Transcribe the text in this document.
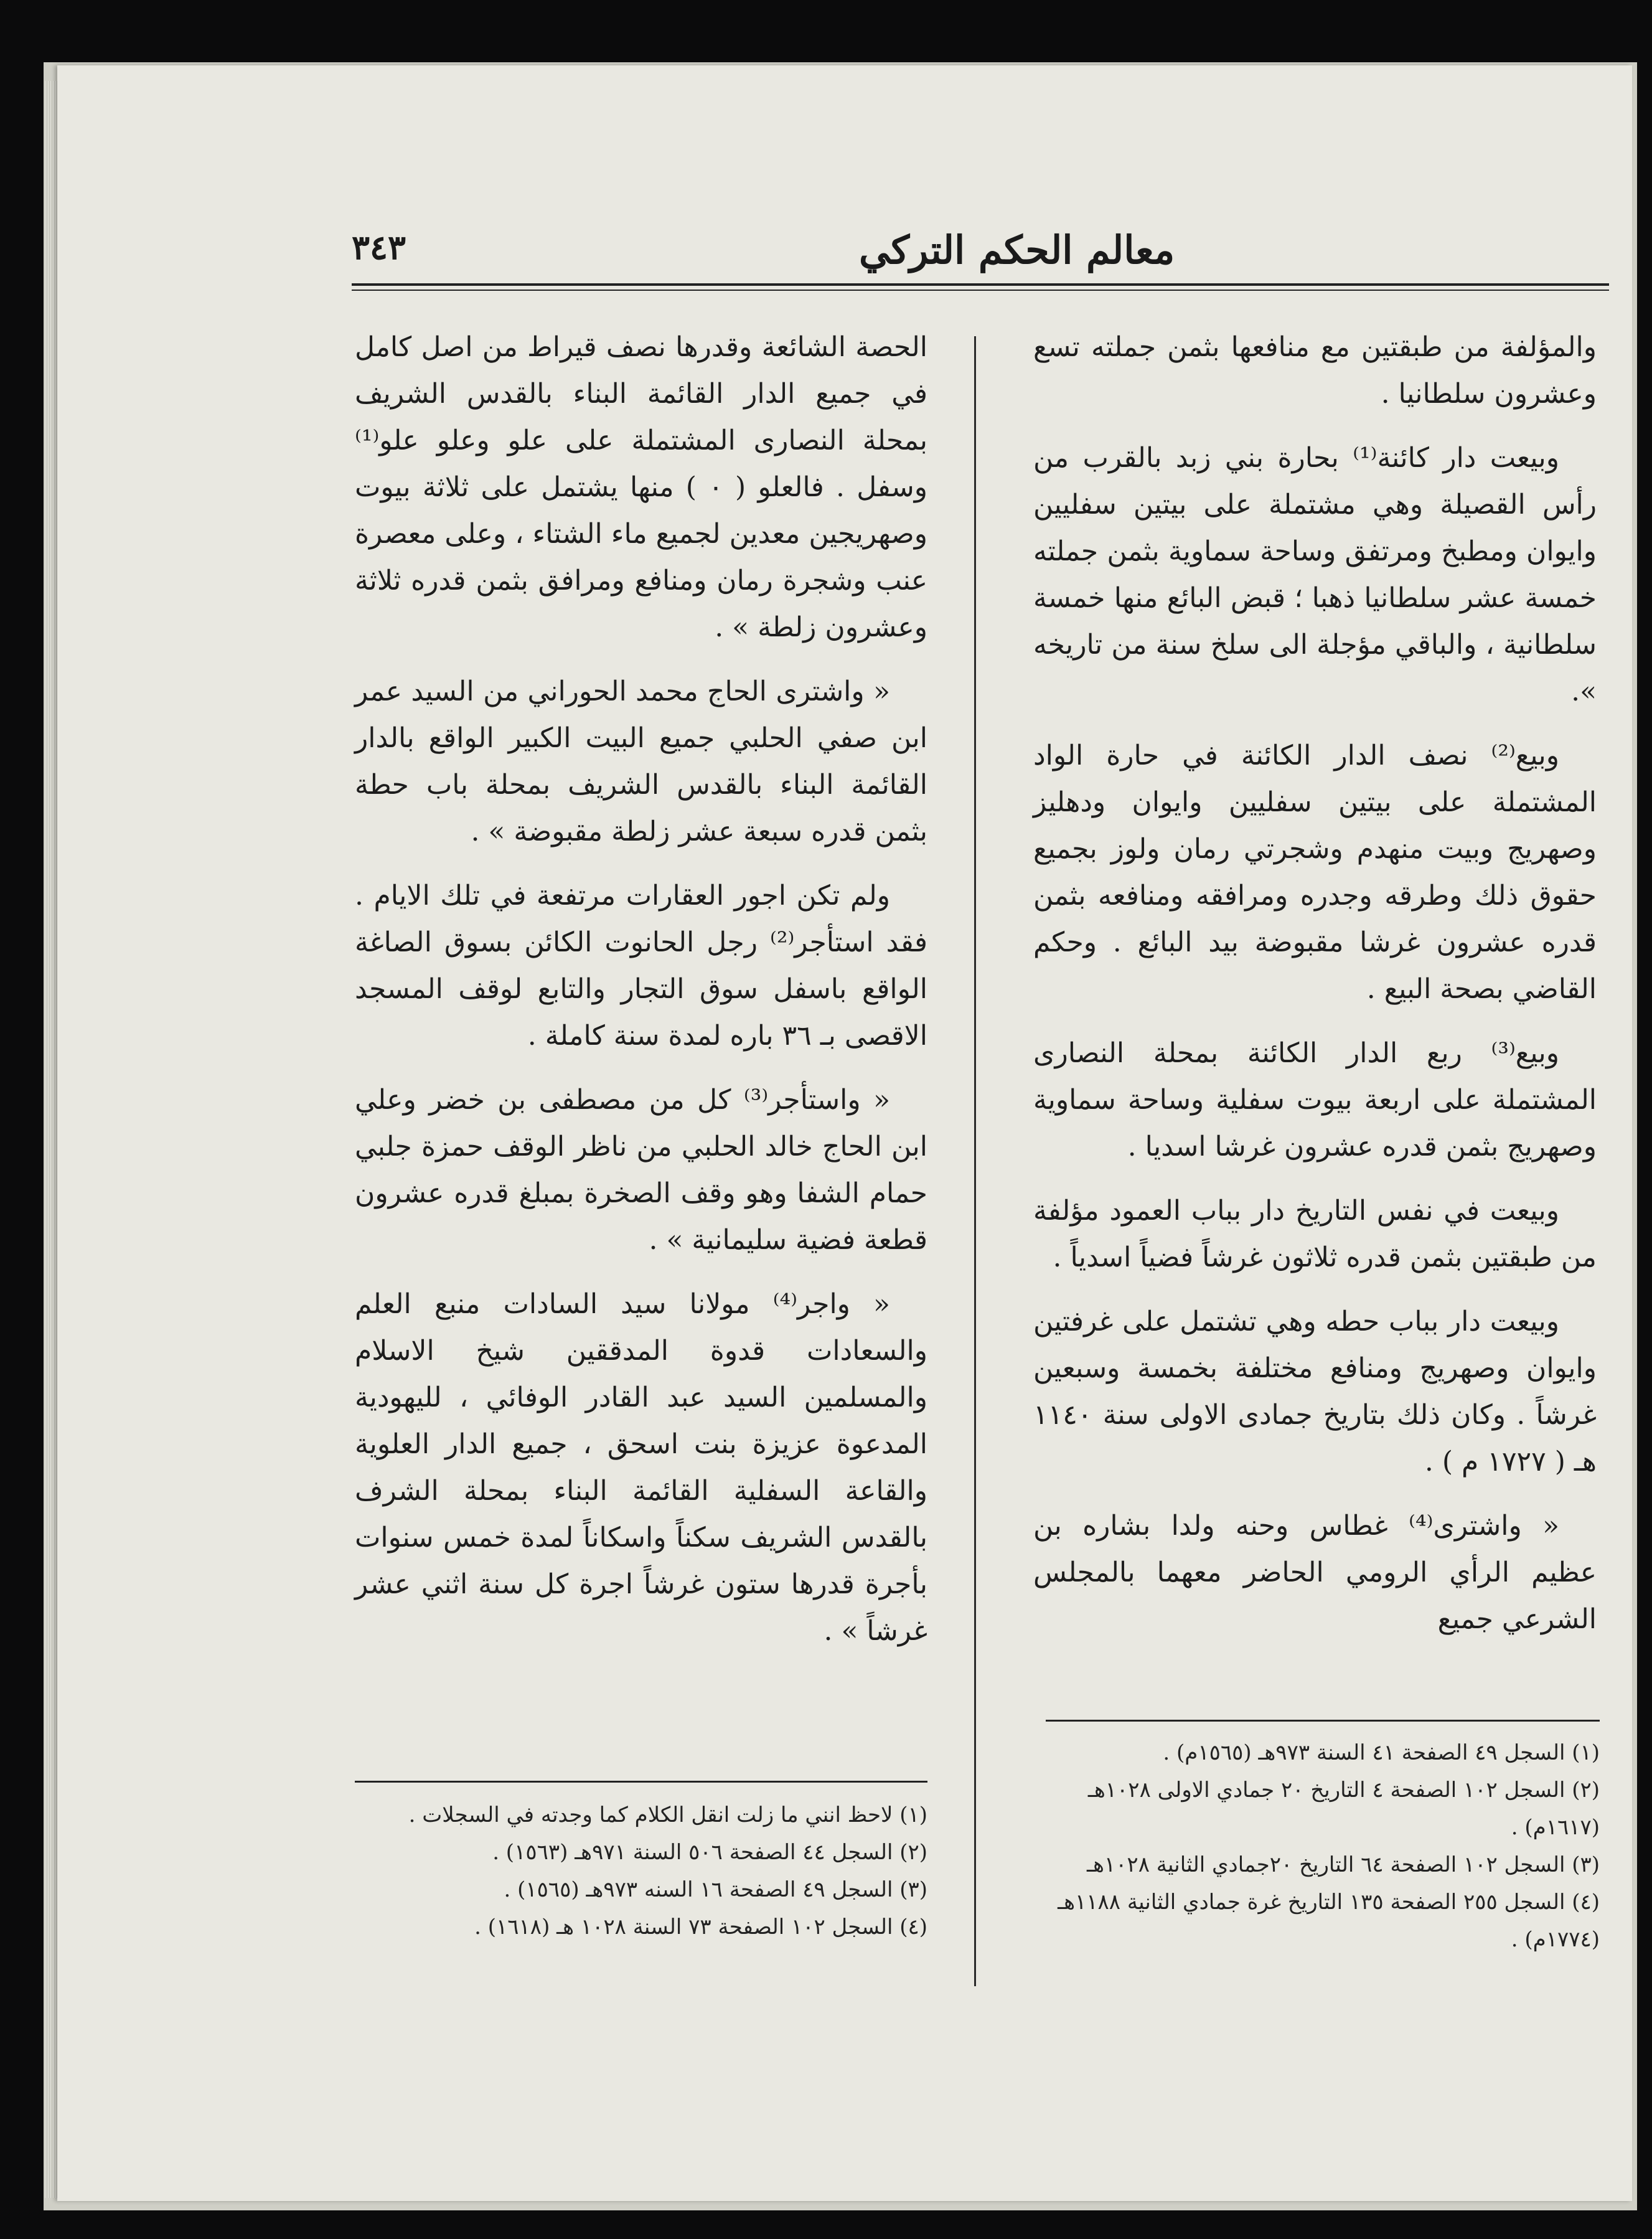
٣٤٣	معالم الحكم التركي

والمؤلفة من طبقتين مع منافعها بثمن جملته تسع وعشرون سلطانيا .

وبيعت دار كائنة⁽¹⁾ بحارة بني زبد بالقرب من رأس القصيلة وهي مشتملة على بيتين سفليين وايوان ومطبخ ومرتفق وساحة سماوية بثمن جملته خمسة عشر سلطانيا ذهبا ؛ قبض البائع منها خمسة سلطانية ، والباقي مؤجلة الى سلخ سنة من تاريخه ».

وبيع⁽²⁾ نصف الدار الكائنة في حارة الواد المشتملة على بيتين سفليين وايوان ودهليز وصهريج وبيت منهدم وشجرتي رمان ولوز بجميع حقوق ذلك وطرقه وجدره ومرافقه ومنافعه بثمن قدره عشرون غرشا مقبوضة بيد البائع . وحكم القاضي بصحة البيع .

وبيع⁽³⁾ ربع الدار الكائنة بمحلة النصارى المشتملة على اربعة بيوت سفلية وساحة سماوية وصهريج بثمن قدره عشرون غرشا اسديا .

وبيعت في نفس التاريخ دار بباب العمود مؤلفة من طبقتين بثمن قدره ثلاثون غرشاً فضياً اسدياً .

وبيعت دار بباب حطه وهي تشتمل على غرفتين وايوان وصهريج ومنافع مختلفة بخمسة وسبعين غرشاً . وكان ذلك بتاريخ جمادى الاولى سنة ١١٤٠ هـ ( ١٧٢٧ م ) .

« واشترى⁽⁴⁾ غطاس وحنه ولدا بشاره بن عظيم الرأي الرومي الحاضر معهما بالمجلس الشرعي جميع

الحصة الشائعة وقدرها نصف قيراط من اصل كامل في جميع الدار القائمة البناء بالقدس الشريف بمحلة النصارى المشتملة على علو وعلو علو⁽¹⁾ وسفل . فالعلو ( ٠ ) منها يشتمل على ثلاثة بيوت وصهريجين معدين لجميع ماء الشتاء ، وعلى معصرة عنب وشجرة رمان ومنافع ومرافق بثمن قدره ثلاثة وعشرون زلطة » .

« واشترى الحاج محمد الحوراني من السيد عمر ابن صفي الحلبي جميع البيت الكبير الواقع بالدار القائمة البناء بالقدس الشريف بمحلة باب حطة بثمن قدره سبعة عشر زلطة مقبوضة » .

ولم تكن اجور العقارات مرتفعة في تلك الايام . فقد استأجر⁽²⁾ رجل الحانوت الكائن بسوق الصاغة الواقع باسفل سوق التجار والتابع لوقف المسجد الاقصى بـ ٣٦ باره لمدة سنة كاملة .

« واستأجر⁽³⁾ كل من مصطفى بن خضر وعلي ابن الحاج خالد الحلبي من ناظر الوقف حمزة جلبي حمام الشفا وهو وقف الصخرة بمبلغ قدره عشرون قطعة فضية سليمانية » .

« واجر⁽⁴⁾ مولانا سيد السادات منبع العلم والسعادات قدوة المدققين شيخ الاسلام والمسلمين السيد عبد القادر الوفائي ، لليهودية المدعوة عزيزة بنت اسحق ، جميع الدار العلوية والقاعة السفلية القائمة البناء بمحلة الشرف بالقدس الشريف سكناً واسكاناً لمدة خمس سنوات بأجرة قدرها ستون غرشاً اجرة كل سنة اثني عشر غرشاً » .

(١) السجل ٤٩ الصفحة ٤١ السنة ٩٧٣هـ (١٥٦٥م) .
(٢) السجل ١٠٢ الصفحة ٤ التاريخ ٢٠ جمادي الاولى ١٠٢٨هـ (١٦١٧م) .
(٣) السجل ١٠٢ الصفحة ٦٤ التاريخ ٢٠جمادي الثانية ١٠٢٨هـ
(٤) السجل ٢٥٥ الصفحة ١٣٥ التاريخ غرة جمادي الثانية ١١٨٨هـ (١٧٧٤م) .
(١) لاحظ انني ما زلت انقل الكلام كما وجدته في السجلات .
(٢) السجل ٤٤ الصفحة ٥٠٦ السنة ٩٧١هـ (١٥٦٣) .
(٣) السجل ٤٩ الصفحة ١٦ السنه ٩٧٣هـ (١٥٦٥) .
(٤) السجل ١٠٢ الصفحة ٧٣ السنة ١٠٢٨ هـ (١٦١٨) .
